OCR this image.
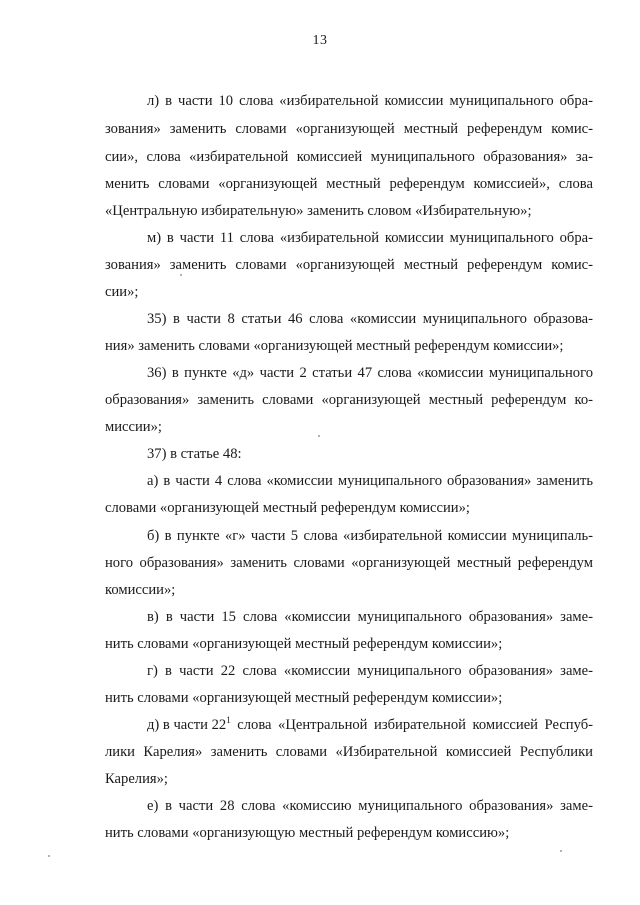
13
л) в части 10 слова «избирательной комиссии муниципального обра-
зования» заменить словами «организующей местный референдум комис-
сии», слова «избирательной комиссией муниципального образования» за-
менить словами «организующей местный референдум комиссией», слова
«Центральную избирательную» заменить словом «Избирательную»;
м) в части 11 слова «избирательной комиссии муниципального обра-
зования» заменить словами «организующей местный референдум комис-
сии»;
35) в части 8 статьи 46 слова «комиссии муниципального образова-
ния» заменить словами «организующей местный референдум комиссии»;
36) в пункте «д» части 2 статьи 47 слова «комиссии муниципального
образования» заменить словами «организующей местный референдум ко-
миссии»;
37) в статье 48:
а) в части 4 слова «комиссии муниципального образования» заменить
словами «организующей местный референдум комиссии»;
б) в пункте «г» части 5 слова «избирательной комиссии муниципаль-
ного образования» заменить словами «организующей местный референдум
комиссии»;
в) в части 15 слова «комиссии муниципального образования» заме-
нить словами «организующей местный референдум комиссии»;
г) в части 22 слова «комиссии муниципального образования» заме-
нить словами «организующей местный референдум комиссии»;
д) в части $22^1$ слова «Центральной избирательной комиссией Респуб-
лики Карелия» заменить словами «Избирательной комиссией Республики
Карелия»;
е) в части 28 слова «комиссию муниципального образования» заме-
нить словами «организующую местный референдум комиссию»;
